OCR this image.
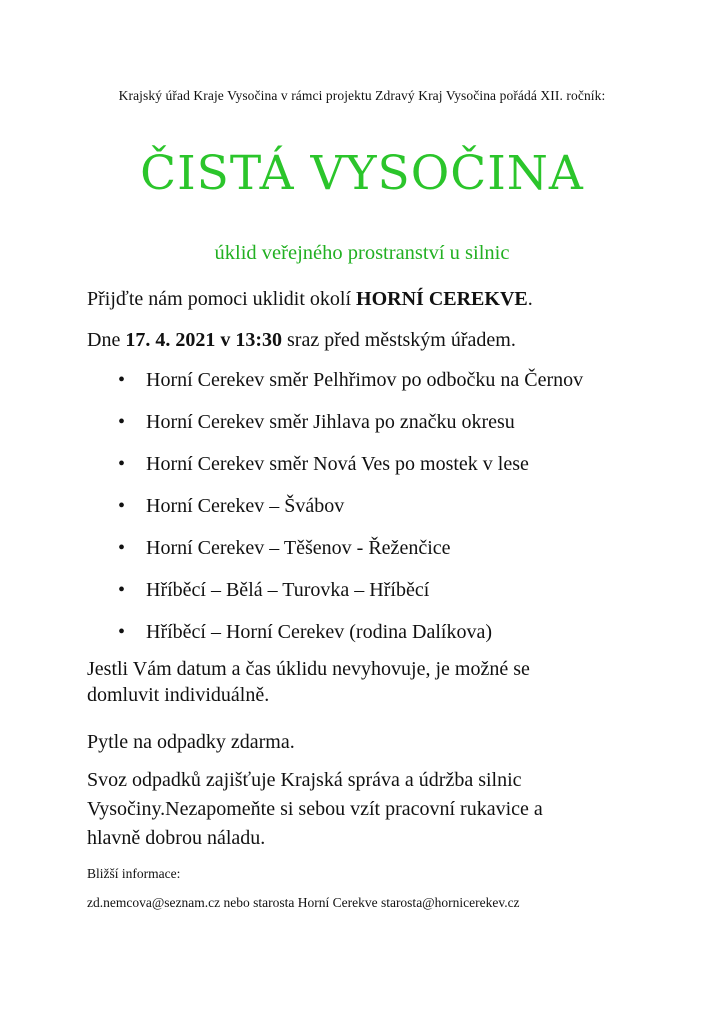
Krajský úřad Kraje Vysočina v rámci projektu Zdravý Kraj Vysočina pořádá XII. ročník:
ČISTÁ VYSOČINA
úklid veřejného prostranství u silnic
Přijďte nám pomoci uklidit okolí HORNÍ CEREKVE.
Dne 17. 4. 2021 v 13:30 sraz před městským úřadem.
• Horní Cerekev směr Pelhřimov po odbočku na Černov
• Horní Cerekev směr Jihlava po značku okresu
• Horní Cerekev směr Nová Ves po mostek v lese
• Horní Cerekev – Švábov
• Horní Cerekev – Těšenov - Řeženčice
• Hříběcí – Bělá – Turovka – Hříběcí
• Hříběcí – Horní Cerekev (rodina Dalíkova)
Jestli Vám datum a čas úklidu nevyhovuje, je možné se
domluvit individuálně.
Pytle na odpadky zdarma.
Svoz odpadků zajišťuje Krajská správa a údržba silnic
Vysočiny.Nezapomeňte si sebou vzít pracovní rukavice a
hlavně dobrou náladu.
Bližší informace:
zd.nemcova@seznam.cz nebo starosta Horní Cerekve starosta@hornicerekev.cz
